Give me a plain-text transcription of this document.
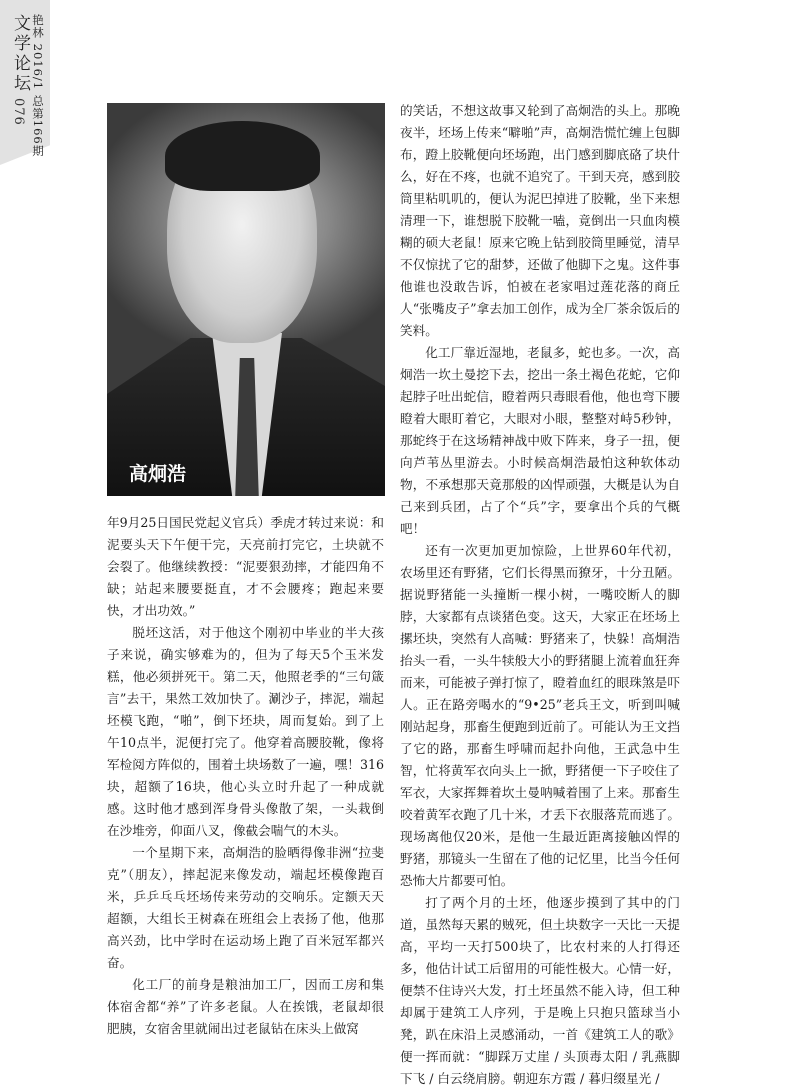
文学论坛
076 艳林 2016/1 总第166期
高炯浩

年9月25日国民党起义官兵）季虎才转过来说：和泥要头天下午便干完，天亮前打完它，土块就不会裂了。他继续教授：“泥要狠劲摔，才能四角不缺；站起来腰要挺直，才不会腰疼；跑起来要快，才出功效。”

脱坯这活，对于他这个刚初中毕业的半大孩子来说，确实够难为的，但为了每天5个玉米发糕，他必须拼死干。第二天，他照老季的“三句箴言”去干，果然工效加快了。涮沙子，摔泥，端起坯模飞跑，“啪”，倒下坯块，周而复始。到了上午10点半，泥便打完了。他穿着高腰胶靴，像将军检阅方阵似的，围着土块场数了一遍，嘿！316块，超额了16块，他心头立时升起了一种成就感。这时他才感到浑身骨头像散了架，一头栽倒在沙堆旁，仰面八叉，像截会喘气的木头。

一个星期下来，高炯浩的脸晒得像非洲“拉斐克”（朋友），摔起泥来像发动，端起坯模像跑百米，乒乒乓乓坯场传来劳动的交响乐。定额天天超额，大组长王树森在班组会上表扬了他，他那高兴劲，比中学时在运动场上跑了百米冠军都兴奋。

化工厂的前身是粮油加工厂，因而工房和集体宿舍都“养”了许多老鼠。人在挨饿，老鼠却很肥胰，女宿舍里就闹出过老鼠钻在床头上做窝

的笑话，不想这故事又轮到了高炯浩的头上。那晚夜半，坯场上传来“噼啪”声，高炯浩慌忙缠上包脚布，蹬上胶靴便向坯场跑，出门感到脚底硌了块什么，好在不疼，也就不追究了。干到天亮，感到胶筒里粘叽叽的，便认为泥巴掉进了胶靴，坐下来想清理一下，谁想脱下胶靴一嗑，竟倒出一只血肉模糊的硕大老鼠！原来它晚上钻到胶筒里睡觉，清早不仅惊扰了它的甜梦，还做了他脚下之鬼。这件事他谁也没敢告诉，怕被在老家唱过莲花落的商丘人“张嘴皮子”拿去加工创作，成为全厂茶余饭后的笑料。

化工厂靠近湿地，老鼠多，蛇也多。一次，高炯浩一坎土曼挖下去，挖出一条土褐色花蛇，它仰起脖子吐出蛇信，瞪着两只毒眼看他，他也弯下腰瞪着大眼盯着它，大眼对小眼，整整对峙5秒钟，那蛇终于在这场精神战中败下阵来，身子一扭，便向芦苇丛里游去。小时候高炯浩最怕这种软体动物，不承想那天竟那般的凶悍顽强，大概是认为自己来到兵团，占了个“兵”字，要拿出个兵的气概吧！

还有一次更加更加惊险，上世界60年代初，农场里还有野猪，它们长得黑而獠牙，十分丑陋。据说野猪能一头撞断一棵小树，一嘴咬断人的脚脖，大家都有点谈猪色变。这天，大家正在坯场上摞坯块，突然有人高喊：野猪来了，快躲！高炯浩抬头一看，一头牛犊般大小的野猪腿上流着血狂奔而来，可能被子弹打惊了，瞪着血红的眼珠煞是吓人。正在路旁喝水的“9•25”老兵王文，听到叫喊刚站起身，那畜生便跑到近前了。可能认为王文挡了它的路，那畜生呼啸而起扑向他，王武急中生智，忙将黄军衣向头上一掀，野猪便一下子咬住了军衣，大家挥舞着坎土曼呐喊着围了上来。那畜生咬着黄军衣跑了几十米，才丢下衣服落荒而逃了。现场离他仅20米，是他一生最近距离接触凶悍的野猪，那镜头一生留在了他的记忆里，比当今任何恐怖大片都要可怕。

打了两个月的土坯，他逐步摸到了其中的门道，虽然每天累的贼死，但土块数字一天比一天提高，平均一天打500块了，比农村来的人打得还多，他估计试工后留用的可能性极大。心情一好，便禁不住诗兴大发，打土坯虽然不能入诗，但工种却属于建筑工人序列，于是晚上只抱只篮球当小凳，趴在床沿上灵感涌动，一首《建筑工人的歌》便一挥而就：“脚踩万丈崖 / 头顶毒太阳 / 乳燕脚下飞 / 白云绕肩膀。朝迎东方霞 / 暮归缀星光 /
